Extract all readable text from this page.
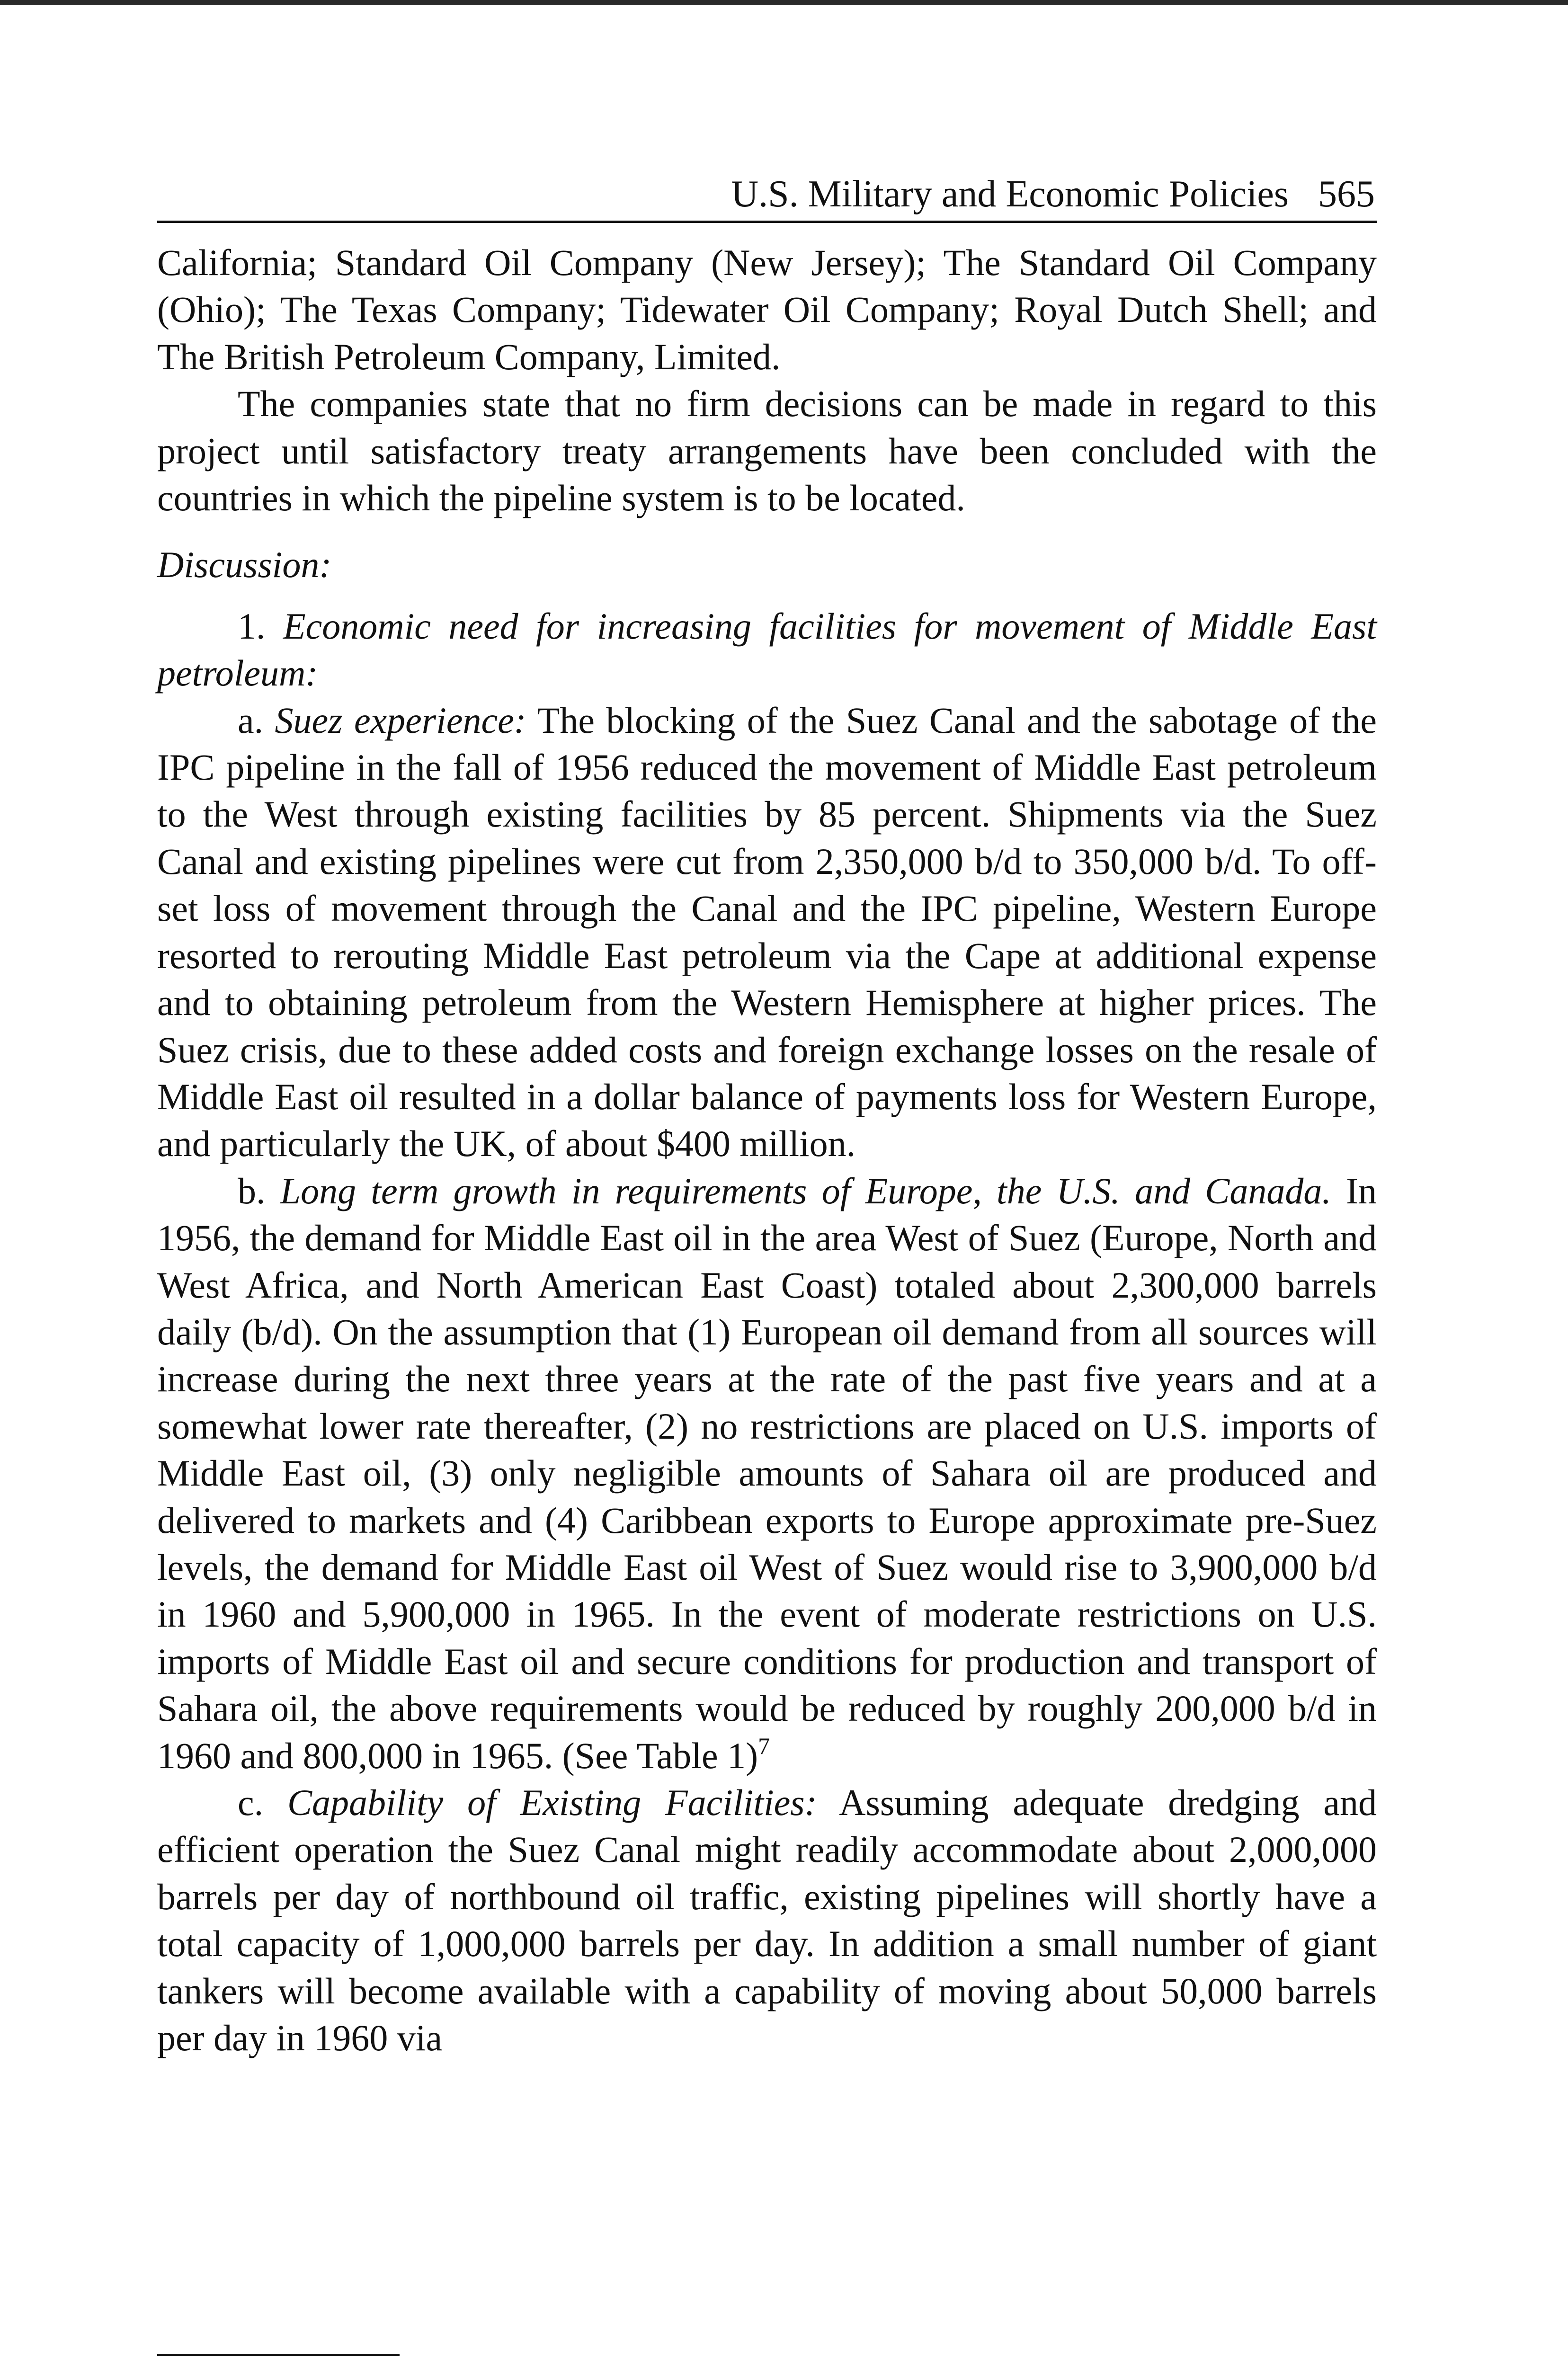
U.S. Military and Economic Policies 565

California; Standard Oil Company (New Jersey); The Standard Oil Company (Ohio); The Texas Company; Tidewater Oil Company; Royal Dutch Shell; and The British Petroleum Company, Limited.

The companies state that no firm decisions can be made in regard to this project until satisfactory treaty arrangements have been concluded with the countries in which the pipeline system is to be located.

Discussion:

1. Economic need for increasing facilities for movement of Middle East petroleum:

a. Suez experience: The blocking of the Suez Canal and the sabotage of the IPC pipeline in the fall of 1956 reduced the movement of Middle East petroleum to the West through existing facilities by 85 percent. Shipments via the Suez Canal and existing pipelines were cut from 2,350,000 b/d to 350,000 b/d. To off-set loss of movement through the Canal and the IPC pipeline, Western Europe resorted to rerouting Middle East petroleum via the Cape at additional expense and to obtaining petroleum from the Western Hemisphere at higher prices. The Suez crisis, due to these added costs and foreign exchange losses on the resale of Middle East oil resulted in a dollar balance of payments loss for Western Europe, and particularly the UK, of about $400 million.

b. Long term growth in requirements of Europe, the U.S. and Canada. In 1956, the demand for Middle East oil in the area West of Suez (Europe, North and West Africa, and North American East Coast) totaled about 2,300,000 barrels daily (b/d). On the assumption that (1) European oil demand from all sources will increase during the next three years at the rate of the past five years and at a somewhat lower rate thereafter, (2) no restrictions are placed on U.S. imports of Middle East oil, (3) only negligible amounts of Sahara oil are produced and delivered to markets and (4) Caribbean exports to Europe approximate pre-Suez levels, the demand for Middle East oil West of Suez would rise to 3,900,000 b/d in 1960 and 5,900,000 in 1965. In the event of moderate restrictions on U.S. imports of Middle East oil and secure conditions for production and transport of Sahara oil, the above requirements would be reduced by roughly 200,000 b/d in 1960 and 800,000 in 1965. (See Table 1)$^7$

c. Capability of Existing Facilities: Assuming adequate dredging and efficient operation the Suez Canal might readily accommodate about 2,000,000 barrels per day of northbound oil traffic, existing pipelines will shortly have a total capacity of 1,000,000 barrels per day. In addition a small number of giant tankers will become available with a capability of moving about 50,000 barrels per day in 1960 via
